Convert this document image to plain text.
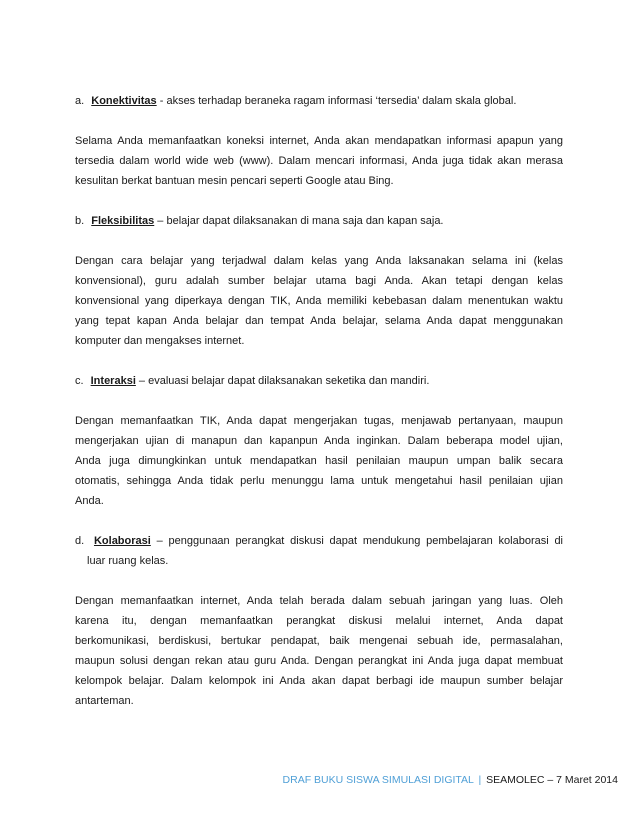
a. Konektivitas - akses terhadap beraneka ragam informasi ‘tersedia’ dalam skala global.
Selama Anda memanfaatkan koneksi internet, Anda akan mendapatkan informasi apapun yang
tersedia dalam world wide web (www). Dalam mencari informasi, Anda juga tidak akan merasa
kesulitan berkat bantuan mesin pencari seperti Google atau Bing.
b. Fleksibilitas – belajar dapat dilaksanakan di mana saja dan kapan saja.
Dengan cara belajar yang terjadwal dalam kelas yang Anda laksanakan selama ini (kelas
konvensional), guru adalah sumber belajar utama bagi Anda. Akan tetapi dengan kelas
konvensional yang diperkaya dengan TIK, Anda memiliki kebebasan dalam menentukan waktu
yang tepat kapan Anda belajar dan tempat Anda belajar, selama Anda dapat menggunakan
komputer dan mengakses internet.
c. Interaksi – evaluasi belajar dapat dilaksanakan seketika dan mandiri.
Dengan memanfaatkan TIK, Anda dapat mengerjakan tugas, menjawab pertanyaan, maupun
mengerjakan ujian di manapun dan kapanpun Anda inginkan. Dalam beberapa model ujian,
Anda juga dimungkinkan untuk mendapatkan hasil penilaian maupun umpan balik secara
otomatis, sehingga Anda tidak perlu menunggu lama untuk mengetahui hasil penilaian ujian
Anda.
d. Kolaborasi – penggunaan perangkat diskusi dapat mendukung pembelajaran kolaborasi di
luar ruang kelas.
Dengan memanfaatkan internet, Anda telah berada dalam sebuah jaringan yang luas. Oleh
karena itu, dengan memanfaatkan perangkat diskusi melalui internet, Anda dapat
berkomunikasi, berdiskusi, bertukar pendapat, baik mengenai sebuah ide, permasalahan,
maupun solusi dengan rekan atau guru Anda. Dengan perangkat ini Anda juga dapat membuat
kelompok belajar. Dalam kelompok ini Anda akan dapat berbagi ide maupun sumber belajar
antarteman.
DRAF BUKU SISWA SIMULASI DIGITAL | SEAMOLEC – 7 Maret 2014
